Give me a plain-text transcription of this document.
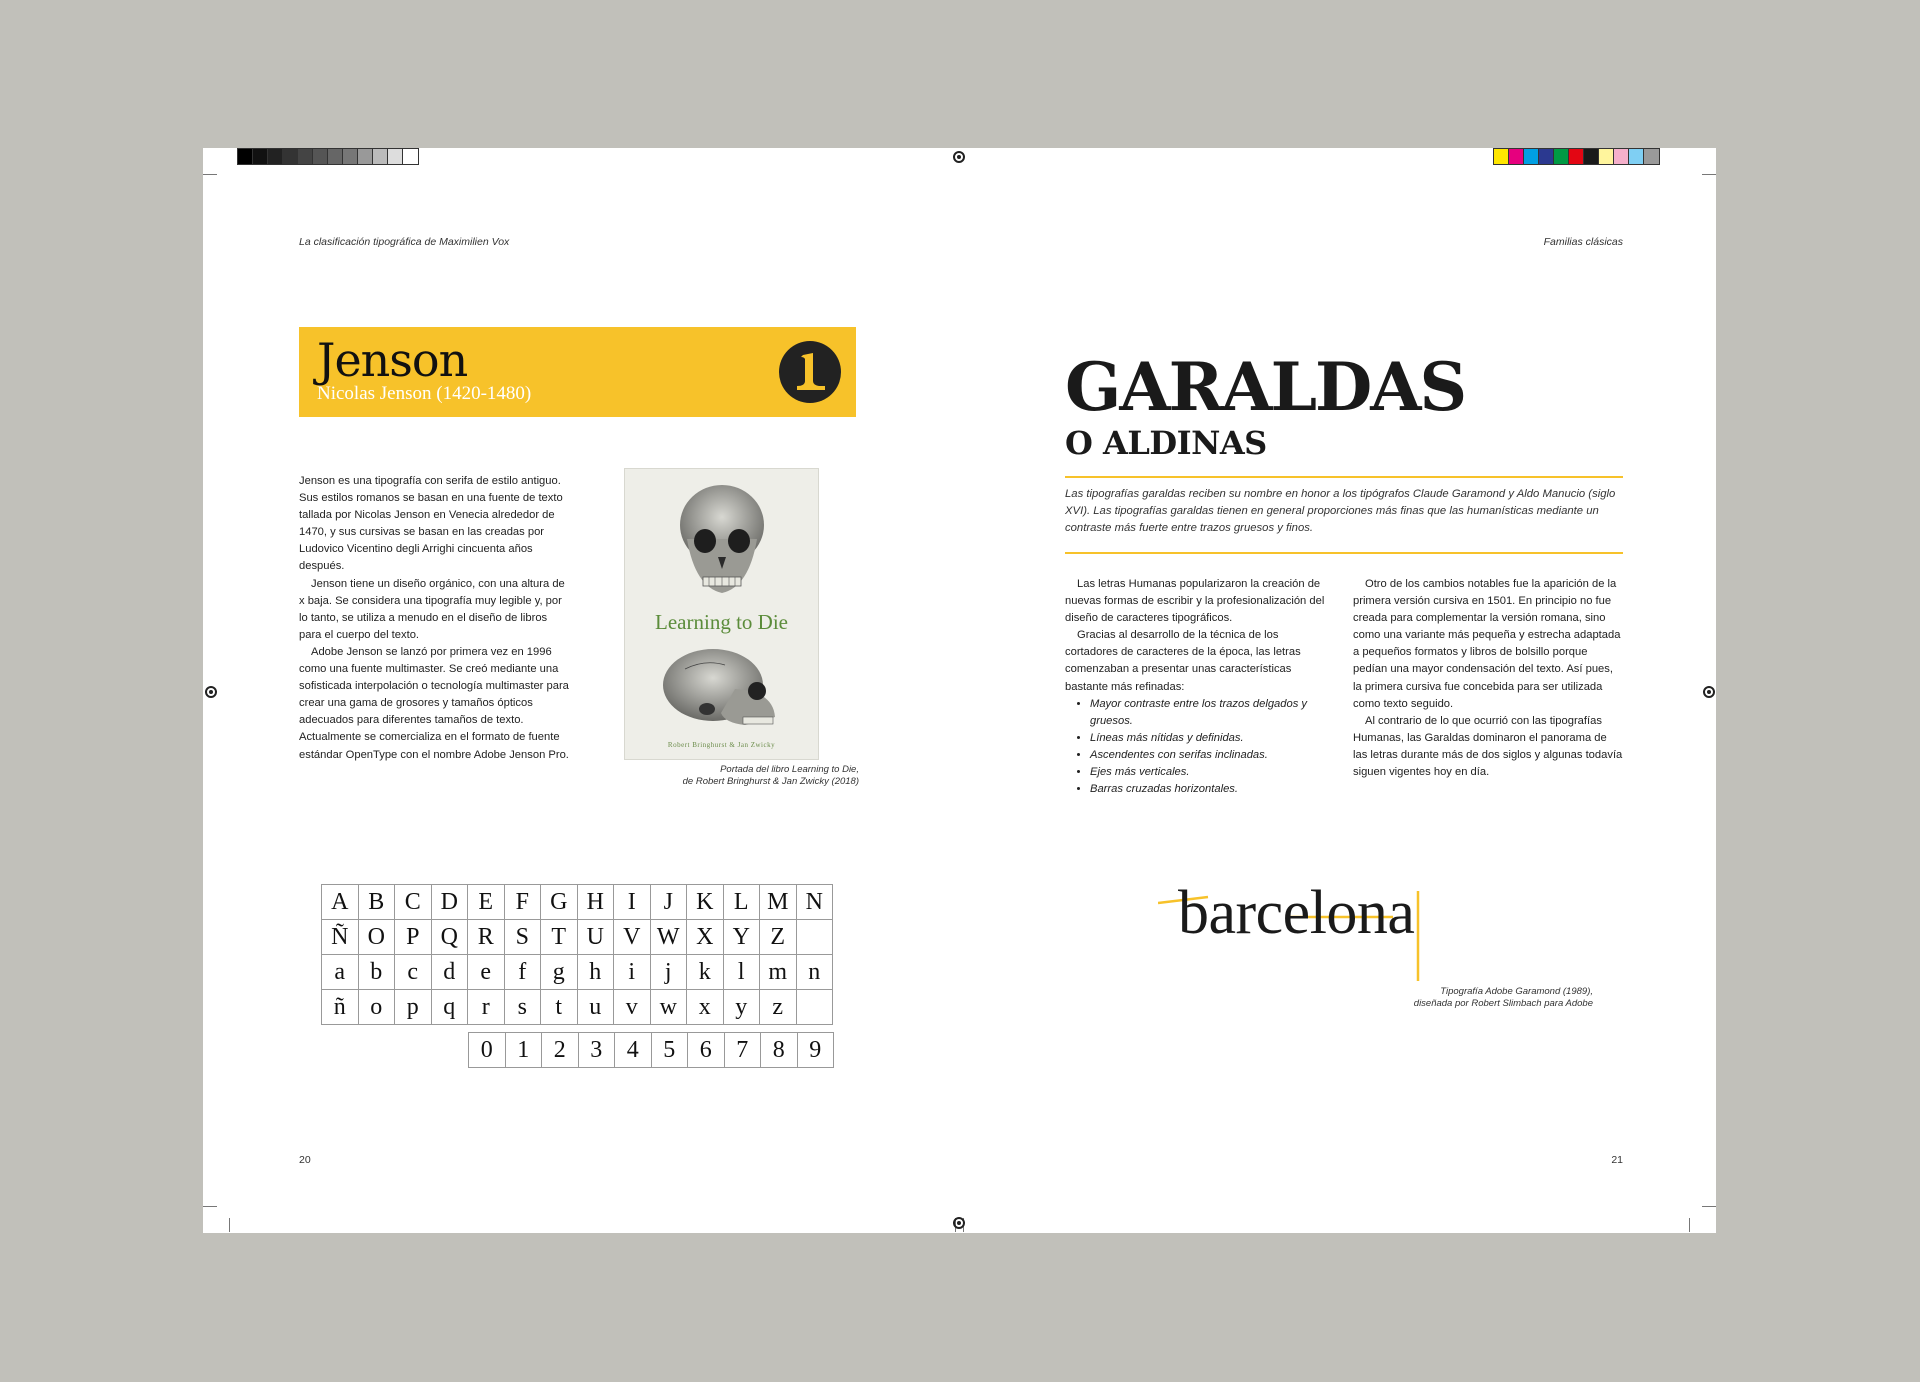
La clasificación tipográfica de Maximilien Vox	Familias clásicas
Jenson
Nicolas Jenson (1420-1480)

Jenson es una tipografía con serifa de estilo antiguo. Sus estilos romanos se basan en una fuente de texto tallada por Nicolas Jenson en Venecia alrededor de 1470, y sus cursivas se basan en las creadas por Ludovico Vicentino degli Arrighi cincuenta años después.

Jenson tiene un diseño orgánico, con una altura de x baja. Se considera una tipografía muy legible y, por lo tanto, se utiliza a menudo en el diseño de libros para el cuerpo del texto.

Adobe Jenson se lanzó por primera vez en 1996 como una fuente multimaster. Se creó mediante una sofisticada interpolación o tecnología multimaster para crear una gama de grosores y tamaños ópticos adecuados para diferentes tamaños de texto. Actualmente se comercializa en el formato de fuente estándar OpenType con el nombre Adobe Jenson Pro.

Learning to Die
Robert Bringhurst & Jan Zwicky
Portada del libro Learning to Die,
de Robert Bringhurst & Jan Zwicky (2018)
A	B	C	D	E	F	G	H	I	J	K	L	M	N
Ñ	O	P	Q	R	S	T	U	V	W	X	Y	Z	
a	b	c	d	e	f	g	h	i	j	k	l	m	n
ñ	o	p	q	r	s	t	u	v	w	x	y	z	
0	1	2	3	4	5	6	7	8	9
20
GARALDAS
O ALDINAS
Las tipografías garaldas reciben su nombre en honor a los tipógrafos Claude Garamond y Aldo Manucio (siglo XVI). Las tipografías garaldas tienen en general proporciones más finas que las humanísticas mediante un contraste más fuerte entre trazos gruesos y finos.

Las letras Humanas popularizaron la creación de nuevas formas de escribir y la profesionalización del diseño de caracteres tipográficos.

Gracias al desarrollo de la técnica de los cortadores de caracteres de la época, las letras comenzaban a presentar unas características bastante más refinadas:

• Mayor contraste entre los trazos delgados y gruesos.
• Líneas más nítidas y definidas.
• Ascendentes con serifas inclinadas.
• Ejes más verticales.
• Barras cruzadas horizontales.

Otro de los cambios notables fue la aparición de la primera versión cursiva en 1501. En principio no fue creada para complementar la versión romana, sino como una variante más pequeña y estrecha adaptada a pequeños formatos y libros de bolsillo porque pedían una mayor condensación del texto. Así pues, la primera cursiva fue concebida para ser utilizada como texto seguido.

Al contrario de lo que ocurrió con las tipografías Humanas, las Garaldas dominaron el panorama de las letras durante más de dos siglos y algunas todavía siguen vigentes hoy en día.

barcelona
Tipografía Adobe Garamond (1989),
diseñada por Robert Slimbach para Adobe
21
